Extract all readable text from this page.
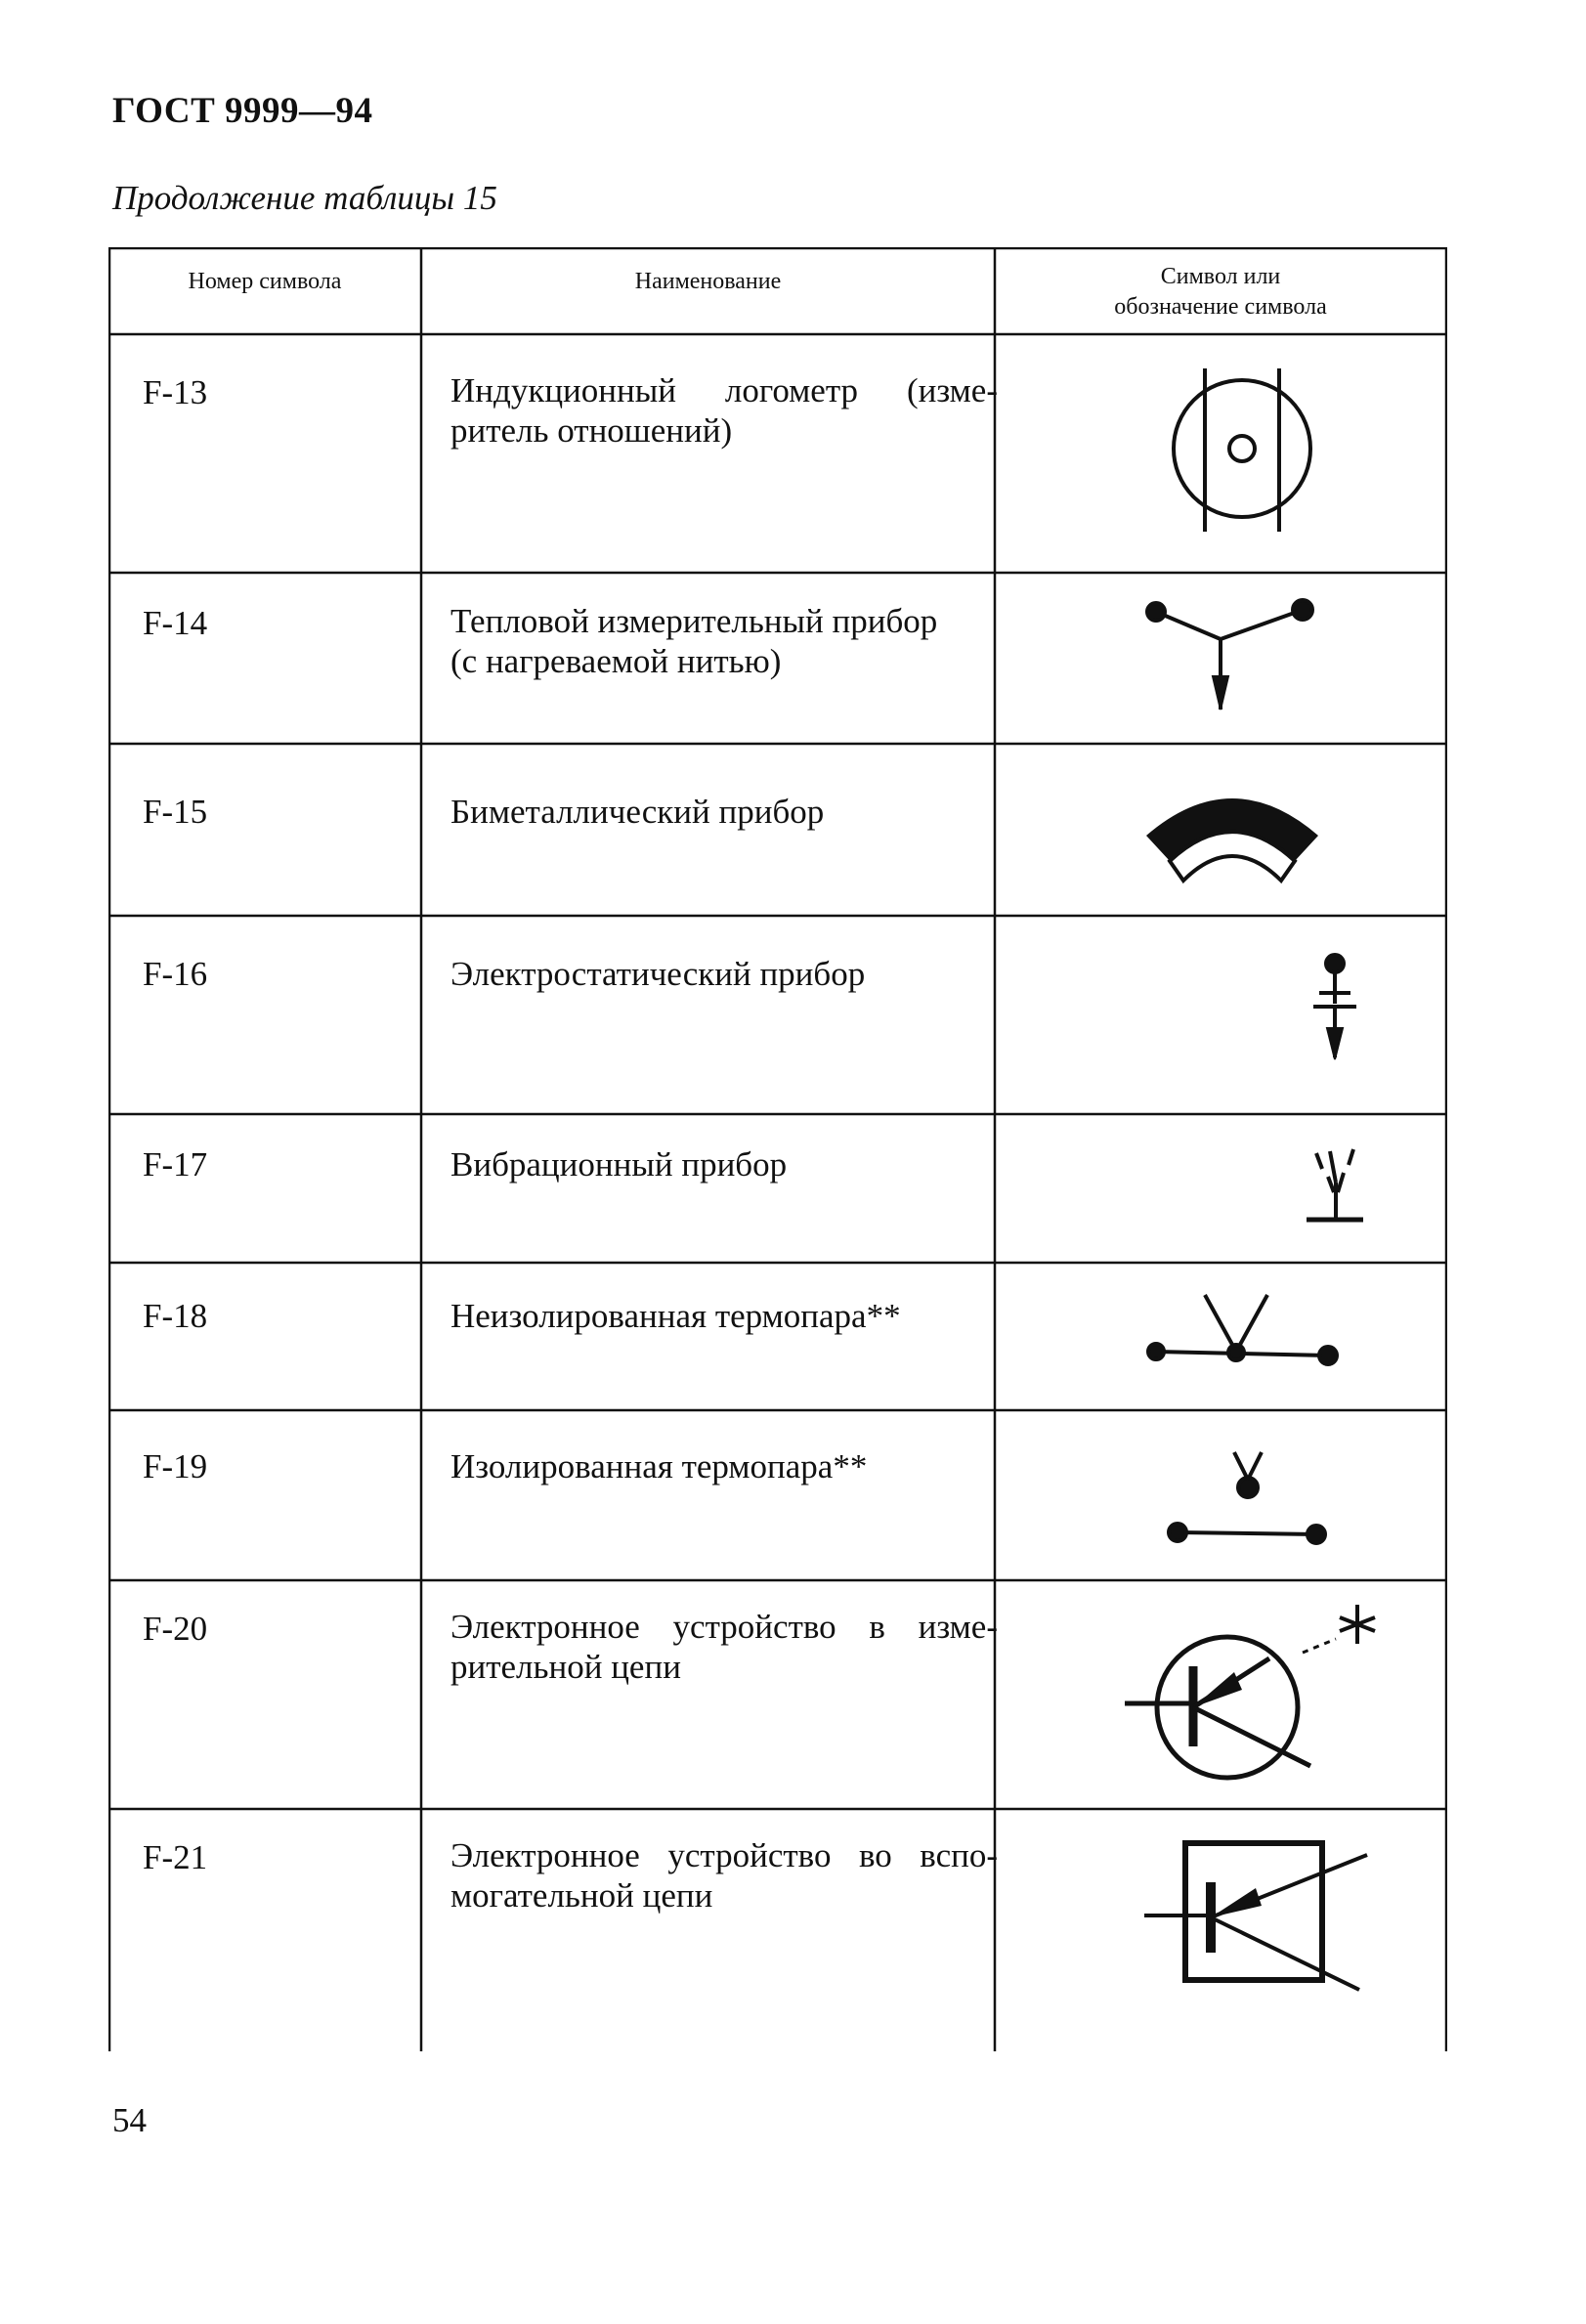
ГОСТ 9999—94
Продолжение таблицы 15
Номер символа	Наименование	Символ или
обозначение символа
F-13	Индукционный логометр (изме-
ритель отношений)
F-14	Тепловой измерительный прибор
(с нагреваемой нитью)
F-15	Биметаллический прибор
F-16	Электростатический прибор
F-17	Вибрационный прибор
F-18	Неизолированная термопара**
F-19	Изолированная термопара**
F-20	Электронное устройство в изме-
рительной цепи
F-21	Электронное устройство во вспо-
могательной цепи
54
